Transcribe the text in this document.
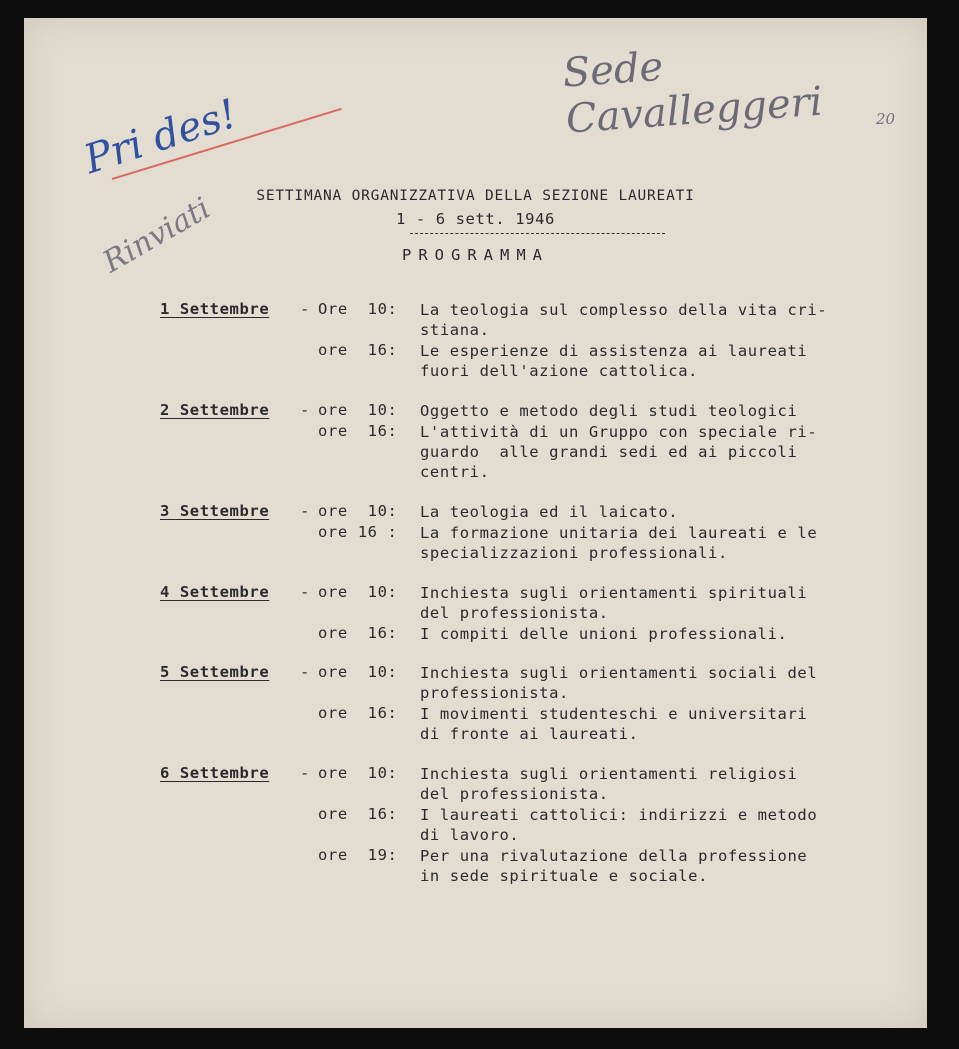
Sede Cavalleggeri	20
Pri des!
Rinviati	SETTIMANA ORGANIZZATIVA DELLA SEZIONE LAUREATI
1 - 6 sett. 1946
PROGRAMMA
1 Settembre	- Ore  10: La teologia sul complesso della vita cri-
stiana.
ore  16: Le esperienze di assistenza ai laureati
fuori dell'azione cattolica.
2 Settembre	- ore  10: Oggetto e metodo degli studi teologici
ore  16: L'attività di un Gruppo con speciale ri-
guardo  alle grandi sedi ed ai piccoli
centri.
3 Settembre	- ore  10: La teologia ed il laicato.
ore 16 : La formazione unitaria dei laureati e le
specializzazioni professionali.
4 Settembre	- ore  10: Inchiesta sugli orientamenti spirituali
del professionista.
ore  16: I compiti delle unioni professionali.
5 Settembre	- ore  10: Inchiesta sugli orientamenti sociali del
professionista.
ore  16: I movimenti studenteschi e universitari
di fronte ai laureati.
6 Settembre	- ore  10: Inchiesta sugli orientamenti religiosi
del professionista.
ore  16: I laureati cattolici: indirizzi e metodo
di lavoro.
ore  19: Per una rivalutazione della professione
in sede spirituale e sociale.
